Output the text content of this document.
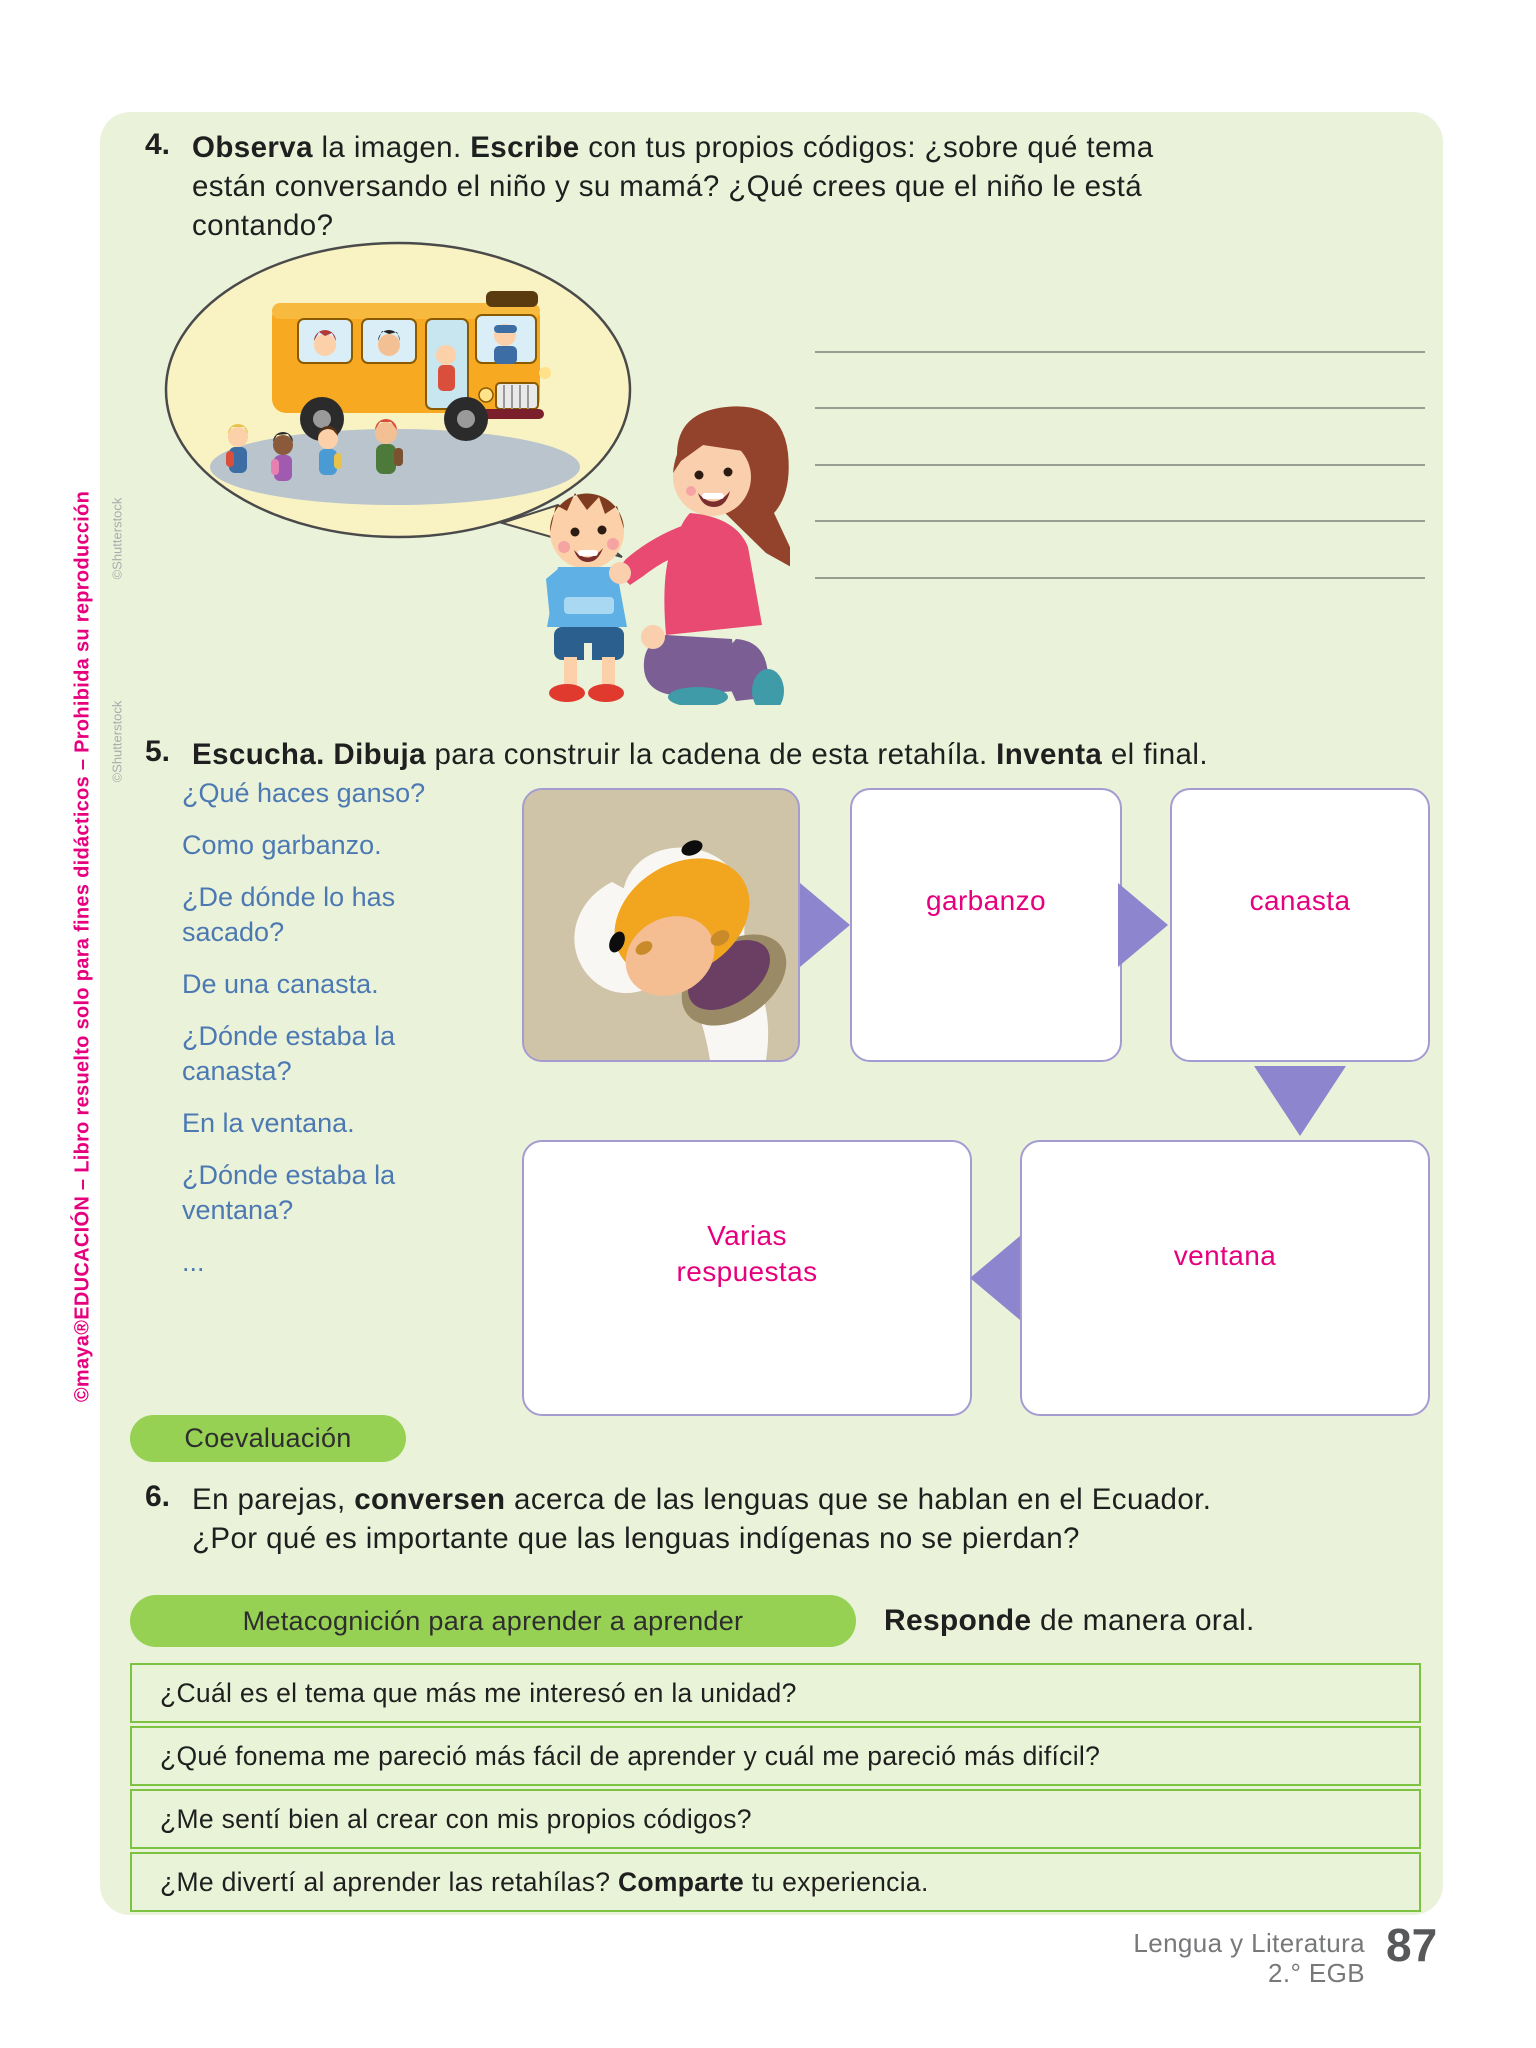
©maya®EDUCACIÓN – Libro resuelto solo para fines didácticos – Prohibida su reproducción ©Shutterstock
©Shutterstock
4. Observa la imagen. Escribe con tus propios códigos: ¿sobre qué tema
están conversando el niño y su mamá? ¿Qué crees que el niño le está
contando?
5. Escucha. Dibuja para construir la cadena de esta retahíla. Inventa el final.

¿Qué haces ganso?

Como garbanzo.

¿De dónde lo has sacado?

De una canasta.

¿Dónde estaba la canasta?

En la ventana.

¿Dónde estaba la ventana?

...

garbanzo	canasta
Varias
respuestas
ventana
Coevaluación
6. En parejas, conversen acerca de las lenguas que se hablan en el Ecuador.
¿Por qué es importante que las lenguas indígenas no se pierdan?
Metacognición para aprender a aprender	Responde de manera oral.
¿Cuál es el tema que más me interesó en la unidad?
¿Qué fonema me pareció más fácil de aprender y cuál me pareció más difícil?
¿Me sentí bien al crear con mis propios códigos?
¿Me divertí al aprender las retahílas? Comparte tu experiencia.
Lengua y Literatura
2.° EGB
87
